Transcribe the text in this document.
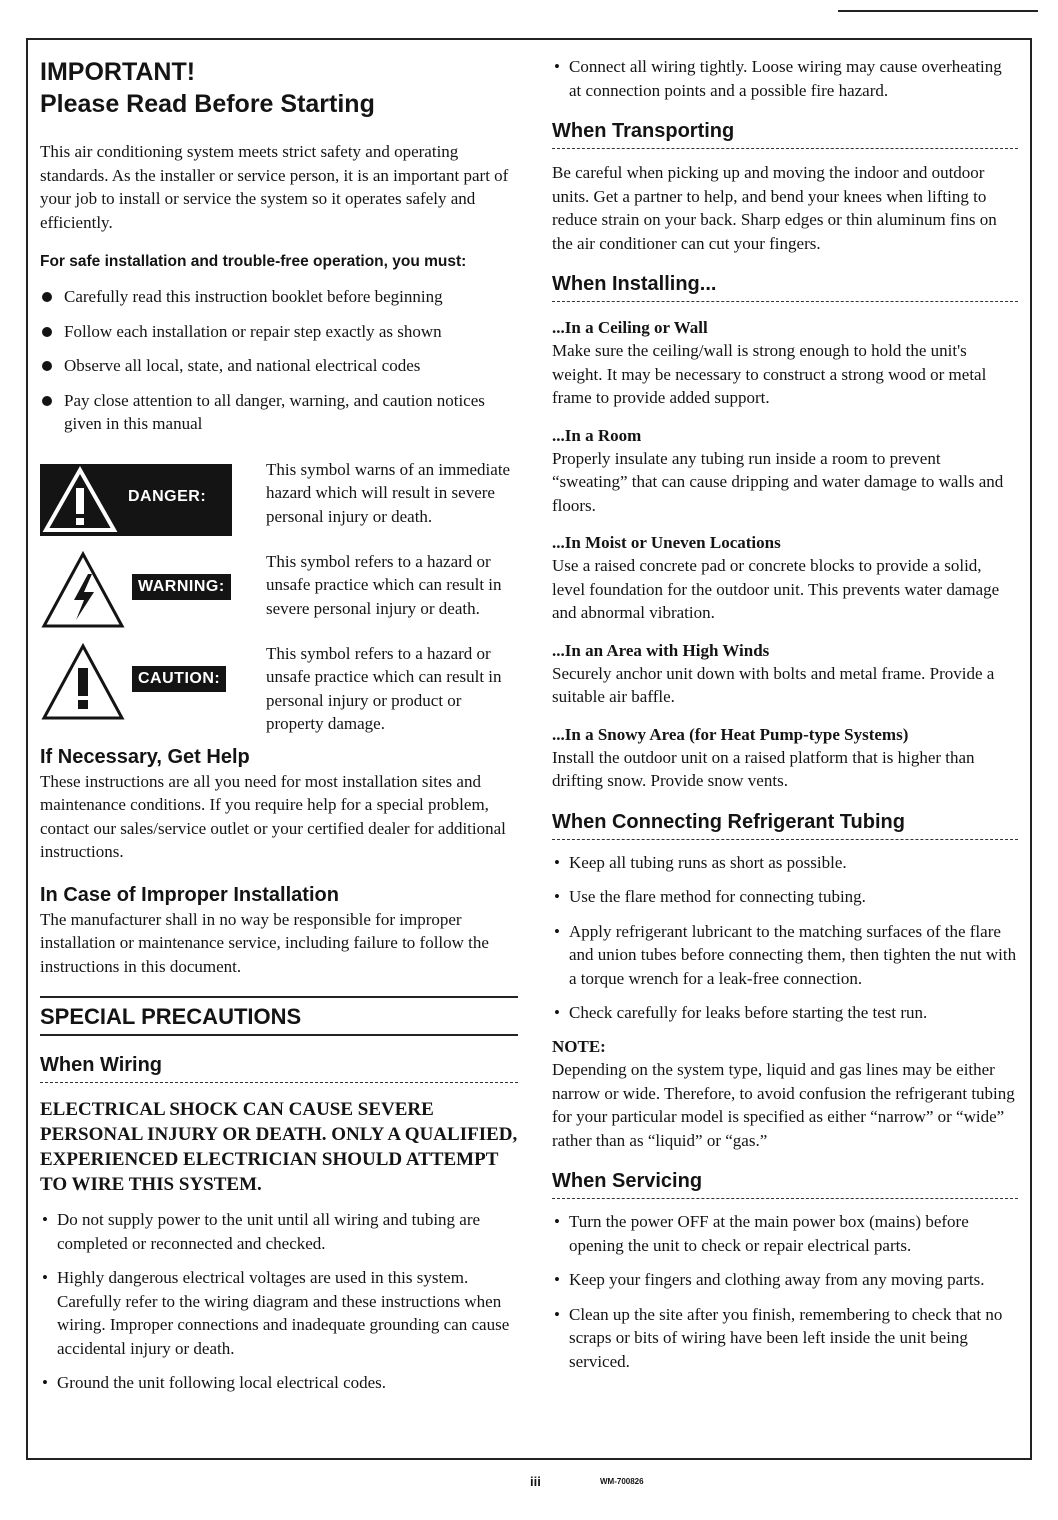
IMPORTANT!
Please Read Before Starting

This air conditioning system meets strict safety and operating standards. As the installer or service person, it is an important part of your job to install or service the system so it operates safely and efficiently.

For safe installation and trouble-free operation, you must:

Carefully read this instruction booklet before beginning
Follow each installation or repair step exactly as shown
Observe all local, state, and national electrical codes
Pay close attention to all danger, warning, and caution notices given in this manual
DANGER:

This symbol warns of an immediate hazard which will result in severe personal injury or death.

WARNING:

This symbol refers to a hazard or unsafe practice which can result in severe personal injury or death.

CAUTION:

This symbol refers to a hazard or unsafe practice which can result in personal injury or product or property damage.

If Necessary, Get Help

These instructions are all you need for most installation sites and maintenance conditions. If you require help for a special problem, contact our sales/service outlet or your certified dealer for additional instructions.

In Case of Improper Installation

The manufacturer shall in no way be responsible for improper installation or maintenance service, including failure to follow the instructions in this document.

SPECIAL PRECAUTIONS
When Wiring

ELECTRICAL SHOCK CAN CAUSE SEVERE PERSONAL INJURY OR DEATH. ONLY A QUALIFIED, EXPERIENCED ELECTRICIAN SHOULD ATTEMPT TO WIRE THIS SYSTEM.

• Do not supply power to the unit until all wiring and tubing are completed or reconnected and checked.
• Highly dangerous electrical voltages are used in this system. Carefully refer to the wiring diagram and these instructions when wiring. Improper connections and inadequate grounding can cause accidental injury or death.
• Ground the unit following local electrical codes.
• Connect all wiring tightly. Loose wiring may cause overheating at connection points and a possible fire hazard.
When Transporting

Be careful when picking up and moving the indoor and outdoor units. Get a partner to help, and bend your knees when lifting to reduce strain on your back. Sharp edges or thin aluminum fins on the air conditioner can cut your fingers.

When Installing...
...In a Ceiling or Wall

Make sure the ceiling/wall is strong enough to hold the unit's weight. It may be necessary to construct a strong wood or metal frame to provide added support.

...In a Room

Properly insulate any tubing run inside a room to prevent “sweating” that can cause dripping and water damage to walls and floors.

...In Moist or Uneven Locations

Use a raised concrete pad or concrete blocks to provide a solid, level foundation for the outdoor unit. This prevents water damage and abnormal vibration.

...In an Area with High Winds

Securely anchor unit down with bolts and metal frame. Provide a suitable air baffle.

...In a Snowy Area (for Heat Pump-type Systems)

Install the outdoor unit on a raised platform that is higher than drifting snow. Provide snow vents.

When Connecting Refrigerant Tubing
• Keep all tubing runs as short as possible.
• Use the flare method for connecting tubing.
• Apply refrigerant lubricant to the matching surfaces of the flare and union tubes before connecting them, then tighten the nut with a torque wrench for a leak-free connection.
• Check carefully for leaks before starting the test run.
NOTE:

Depending on the system type, liquid and gas lines may be either narrow or wide. Therefore, to avoid confusion the refrigerant tubing for your particular model is specified as either “narrow” or “wide” rather than as “liquid” or “gas.”

When Servicing
• Turn the power OFF at the main power box (mains) before opening the unit to check or repair electrical parts.
• Keep your fingers and clothing away from any moving parts.
• Clean up the site after you finish, remembering to check that no scraps or bits of wiring have been left inside the unit being serviced.
iii	WM-700826
